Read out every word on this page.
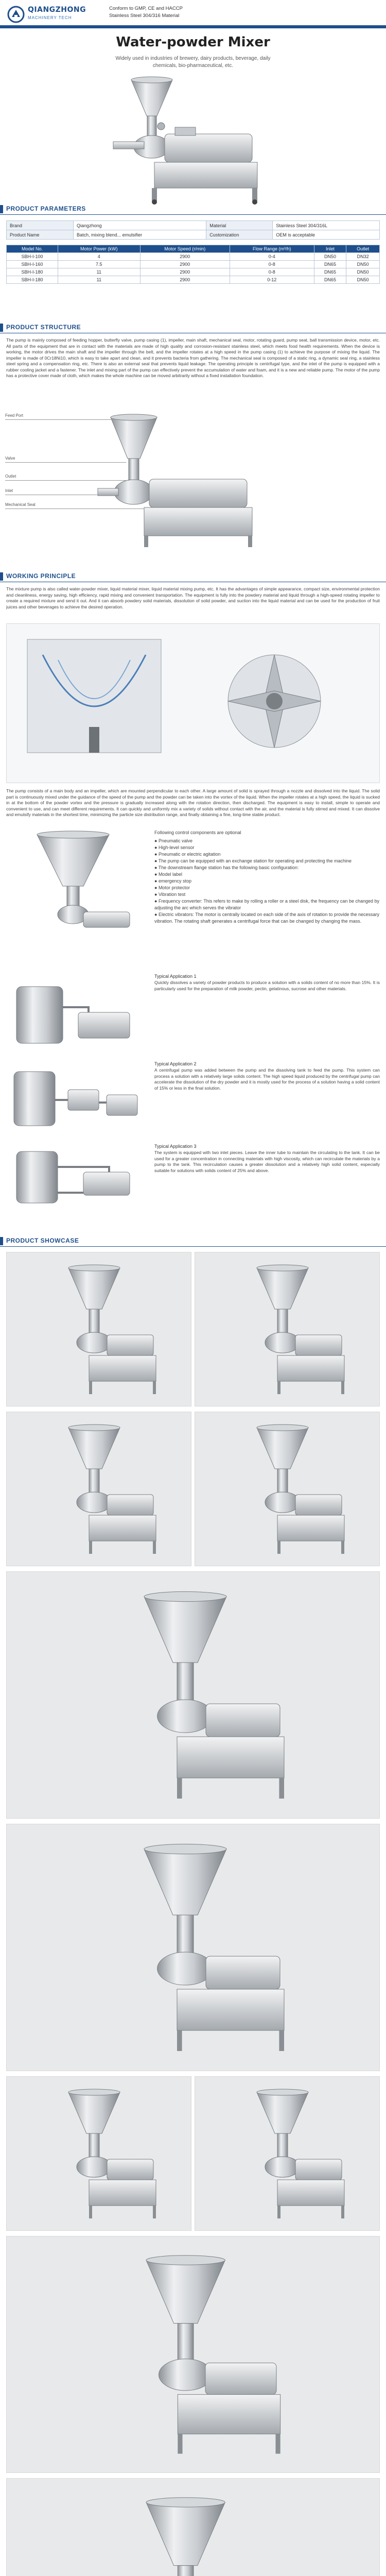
QIANGZHONG
MACHINERY TECH
Conform to GMP, CE and HACCP
Stainless Steel 304/316 Material
Water-powder Mixer
Widely used in industries of brewery, dairy products, beverage, daily
chemicals, bio-pharmaceutical, etc.
PRODUCT PARAMETERS
Brand	Qiangzhong	Material	Stainless Steel 304/316L
Product Name	Batch, mixing blend... emulsifier	Customization	OEM is acceptable
Model No.	Motor Power (kW)	Motor Speed (r/min)	Flow Range (m³/h)	Inlet	Outlet
SBH-I-100	4	2900	0-4	DN50	DN32
SBH-I-160	7.5	2900	0-8	DN65	DN50
SBH-I-180	11	2900	0-8	DN65	DN50
SBH-I-180	11	2900	0-12	DN65	DN50
PRODUCT STRUCTURE
The pump is mainly composed of feeding hopper, butterfly valve, pump casing (1), impeller, main shaft, mechanical seal, motor, rotating guard, pump seat, ball transmission device, motor, etc. All parts of the equipment that are in contact with the materials are made of high quality and corrosion-resistant stainless steel, which meets food health requirements. When the device is working, the motor drives the main shaft and the impeller through the belt, and the impeller rotates at a high speed in the pump casing (1) to achieve the purpose of mixing the liquid. The impeller is made of 0Cr18Ni10, which is easy to take apart and clean, and it prevents bacteria from gathering. The mechanical seal is composed of a static ring, a dynamic seal ring, a stainless steel spring and a compensation ring, etc. There is also an external seal that prevents liquid leakage. The operating principle is centrifugal type, and the inlet of the pump is equipped with a rubber cooling jacket and a fastener. The inlet and mixing part of the pump can effectively prevent the accumulation of water and foam, and it is a new and reliable pump. The motor of the pump has a protective cover made of cloth, which makes the whole machine can be moved arbitrarily without a fixed installation foundation.
Feed Port
Valve
Outlet
Inlet
Mechanical Seal
WORKING PRINCIPLE
The mixture pump is also called water-powder mixer, liquid material mixer, liquid material mixing pump, etc. It has the advantages of simple appearance, compact size, environmental protection and cleanliness, energy saving, high efficiency, rapid mixing and convenient transportation. The equipment is fully into the powdery material and liquid through a high-speed rotating impeller to create a required mixture and send it out. And it can absorb powdery solid materials, dissolution of solid powder, and suction into the liquid material and can be used for the production of fruit juices and other beverages to achieve the desired operation.
The pump consists of a main body and an impeller, which are mounted perpendicular to each other. A large amount of solid is sprayed through a nozzle and dissolved into the liquid. The solid part is continuously mixed under the guidance of the speed of the pump and the powder can be taken into the vortex of the liquid. When the impeller rotates at a high speed, the liquid is sucked in at the bottom of the powder vortex and the pressure is gradually increased along with the rotation direction, then discharged. The equipment is easy to install, simple to operate and convenient to use, and can meet different requirements. It can quickly and uniformly mix a variety of solids without contact with the air, and the material is fully stirred and mixed. It can dissolve and emulsify materials in the shortest time, minimizing the particle size distribution range, and finally obtaining a fine, long-time stable product.
Following control components are optional
● Pneumatic valve
● High-level sensor
● Pneumatic or electric agitation
● The pump can be equipped with an exchange station for operating and protecting the machine
● The downstream flange station has the following basic configuration:
● Model label
● emergency stop
● Motor protector
● Vibration test
● Frequency converter: This refers to make by rolling a roller or a steel disk, the frequency can be changed by adjusting the arc which serves the vibrator
● Electric vibrators: The motor is centrally located on each side of the axis of rotation to provide the necessary vibration. The rotating shaft generates a centrifugal force that can be changed by changing the mass.
Typical Application 1
Quickly dissolves a variety of powder products to produce a solution with a solids content of no more than 15%. It is particularly used for the preparation of milk powder, pectin, gelatinous, sucrose and other materials.
Typical Application 2
A centrifugal pump was added between the pump and the dissolving tank to feed the pump. This system can process a solution with a relatively large solids content. The high speed liquid produced by the centrifugal pump can accelerate the dissolution of the dry powder and it is mostly used for the process of a solution having a solid content of 15% or less in the final solution.
Typical Application 3
The system is equipped with two inlet pieces. Leave the inner tube to maintain the circulating to the tank. It can be used for a greater concentration in connecting materials with high viscosity, which can recirculate the materials by a pump to the tank. This recirculation causes a greater dissolution and a relatively high solid content, especially suitable for solutions with solids content of 25% and above.
PRODUCT SHOWCASE
